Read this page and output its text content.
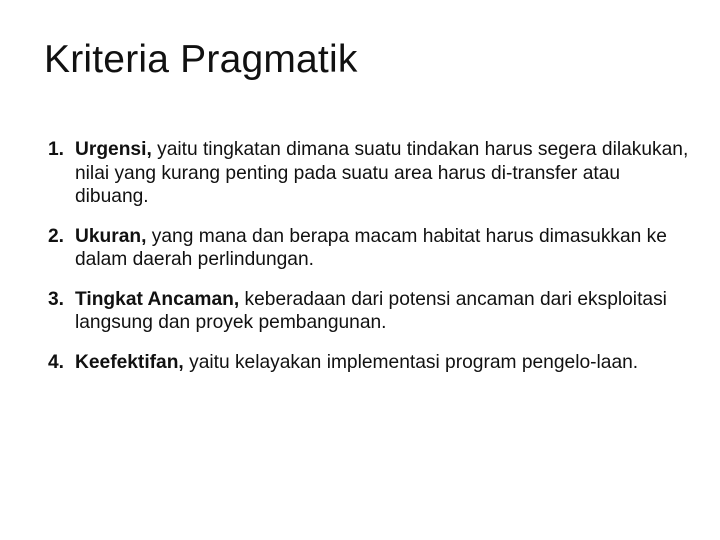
Kriteria Pragmatik
1. Urgensi, yaitu tingkatan dimana suatu tindakan harus segera dilakukan, nilai yang kurang penting pada suatu area harus di-transfer atau dibuang.
2. Ukuran, yang mana dan berapa macam habitat harus dimasukkan ke dalam daerah perlindungan.
3. Tingkat Ancaman, keberadaan dari potensi ancaman dari eksploitasi langsung dan proyek pembangunan.
4. Keefektifan, yaitu kelayakan implementasi program pengelo-laan.
